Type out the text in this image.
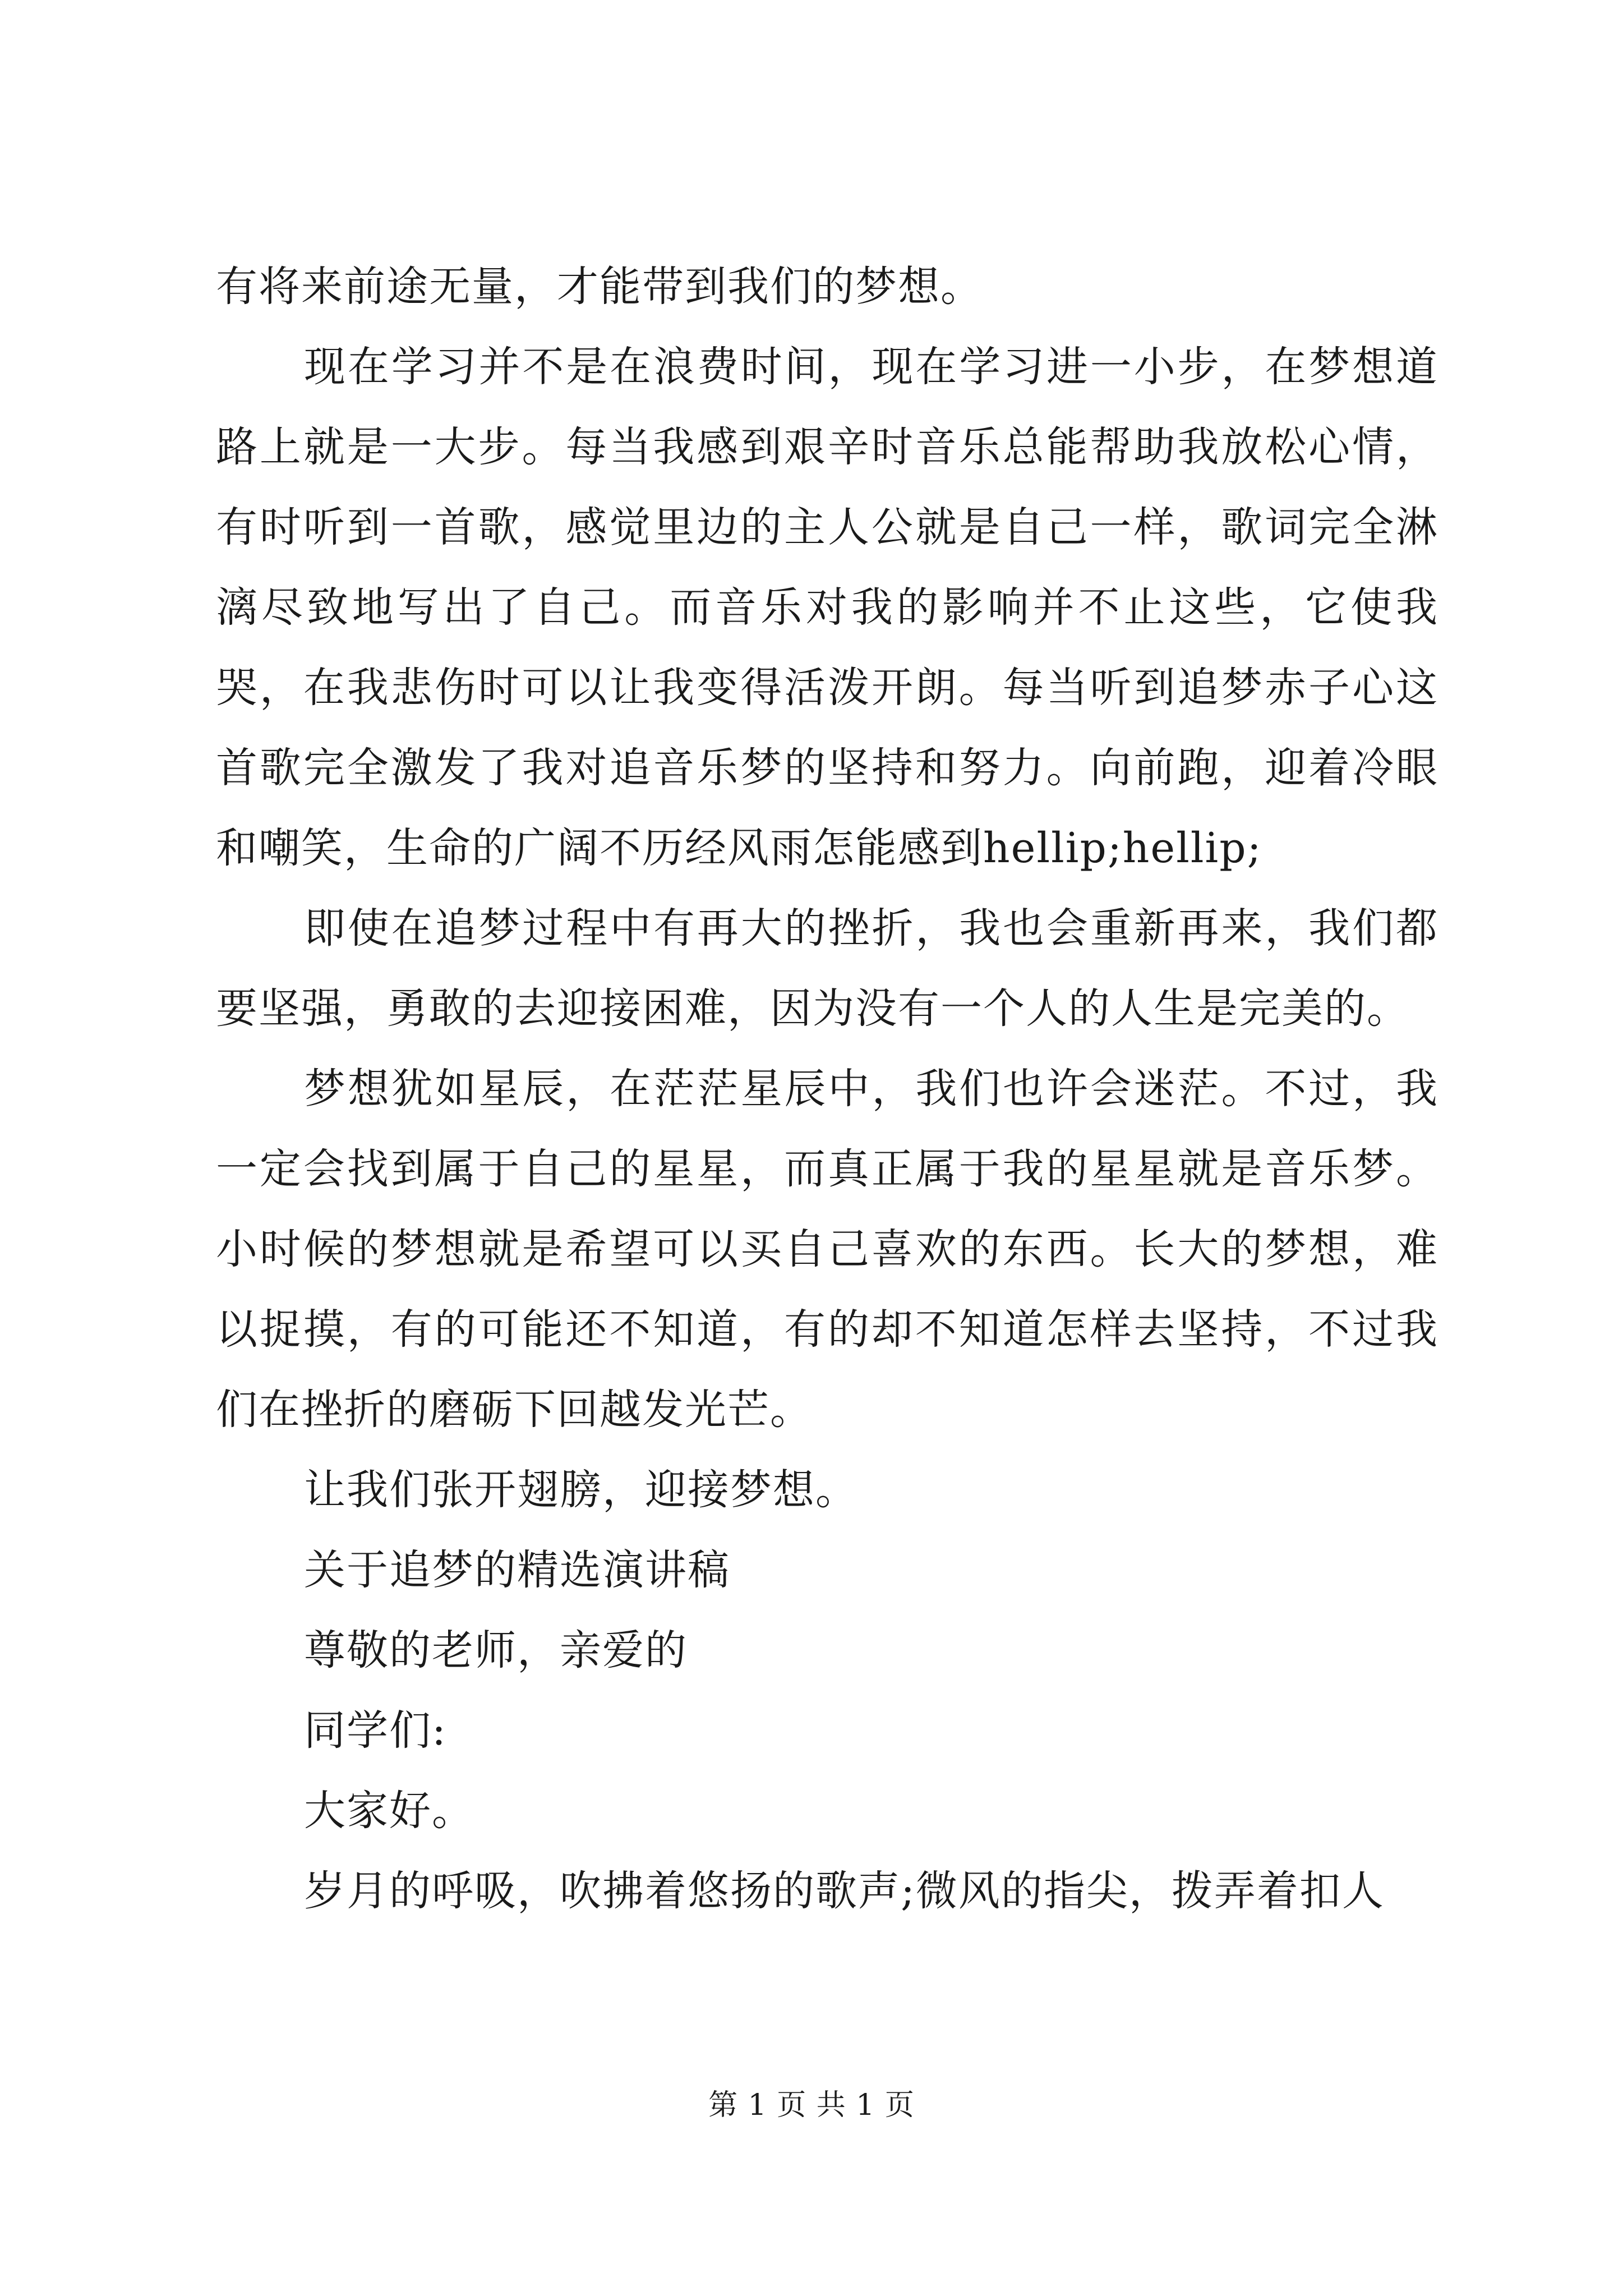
有将来前途无量，才能带到我们的梦想。

现在学习并不是在浪费时间，现在学习进一小步，在梦想道路上就是一大步。每当我感到艰辛时音乐总能帮助我放松心情，有时听到一首歌，感觉里边的主人公就是自己一样，歌词完全淋漓尽致地写出了自己。而音乐对我的影响并不止这些，它使我哭，在我悲伤时可以让我变得活泼开朗。每当听到追梦赤子心这首歌完全激发了我对追音乐梦的坚持和努力。向前跑，迎着冷眼和嘲笑，生命的广阔不历经风雨怎能感到hellip;hellip;

即使在追梦过程中有再大的挫折，我也会重新再来，我们都要坚强，勇敢的去迎接困难，因为没有一个人的人生是完美的。

梦想犹如星辰，在茫茫星辰中，我们也许会迷茫。不过，我一定会找到属于自己的星星，而真正属于我的星星就是音乐梦。小时候的梦想就是希望可以买自己喜欢的东西。长大的梦想，难以捉摸，有的可能还不知道，有的却不知道怎样去坚持，不过我们在挫折的磨砺下回越发光芒。

让我们张开翅膀，迎接梦想。

关于追梦的精选演讲稿

尊敬的老师，亲爱的

同学们:

大家好。

岁月的呼吸，吹拂着悠扬的歌声;微风的指尖，拨弄着扣人

第 1 页 共 1 页
